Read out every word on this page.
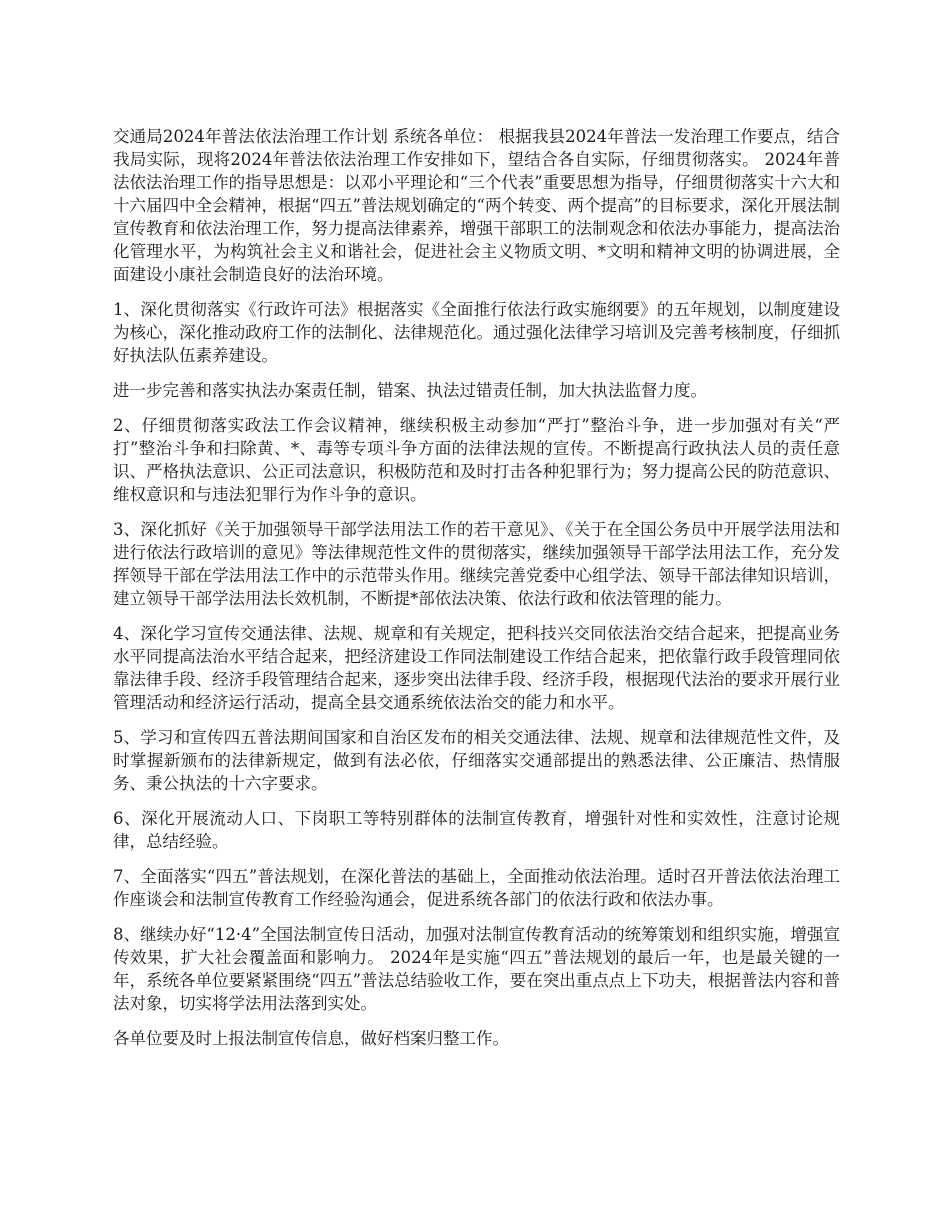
交通局2024年普法依法治理工作计划 系统各单位： 根据我县2024年普法一发治理工作要点，结合我局实际，现将2024年普法依法治理工作安排如下，望结合各自实际，仔细贯彻落实。 2024年普法依法治理工作的指导思想是：以邓小平理论和“三个代表”重要思想为指导，仔细贯彻落实十六大和十六届四中全会精神，根据“四五”普法规划确定的“两个转变、两个提高”的目标要求，深化开展法制宣传教育和依法治理工作，努力提高法律素养，增强干部职工的法制观念和依法办事能力，提高法治化管理水平，为构筑社会主义和谐社会，促进社会主义物质文明、*文明和精神文明的协调进展，全面建设小康社会制造良好的法治环境。

1、深化贯彻落实《行政许可法》根据落实《全面推行依法行政实施纲要》的五年规划，以制度建设为核心，深化推动政府工作的法制化、法律规范化。通过强化法律学习培训及完善考核制度，仔细抓好执法队伍素养建设。

进一步完善和落实执法办案责任制，错案、执法过错责任制，加大执法监督力度。

2、仔细贯彻落实政法工作会议精神，继续积极主动参加“严打”整治斗争，进一步加强对有关“严打”整治斗争和扫除黄、*、毒等专项斗争方面的法律法规的宣传。不断提高行政执法人员的责任意识、严格执法意识、公正司法意识，积极防范和及时打击各种犯罪行为；努力提高公民的防范意识、维权意识和与违法犯罪行为作斗争的意识。

3、深化抓好《关于加强领导干部学法用法工作的若干意见》、《关于在全国公务员中开展学法用法和进行依法行政培训的意见》等法律规范性文件的贯彻落实，继续加强领导干部学法用法工作，充分发挥领导干部在学法用法工作中的示范带头作用。继续完善党委中心组学法、领导干部法律知识培训，建立领导干部学法用法长效机制，不断提*部依法决策、依法行政和依法管理的能力。

4、深化学习宣传交通法律、法规、规章和有关规定，把科技兴交同依法治交结合起来，把提高业务水平同提高法治水平结合起来，把经济建设工作同法制建设工作结合起来，把依靠行政手段管理同依靠法律手段、经济手段管理结合起来，逐步突出法律手段、经济手段，根据现代法治的要求开展行业管理活动和经济运行活动，提高全县交通系统依法治交的能力和水平。

5、学习和宣传四五普法期间国家和自治区发布的相关交通法律、法规、规章和法律规范性文件，及时掌握新颁布的法律新规定，做到有法必依，仔细落实交通部提出的熟悉法律、公正廉洁、热情服务、秉公执法的十六字要求。

6、深化开展流动人口、下岗职工等特别群体的法制宣传教育，增强针对性和实效性，注意讨论规律，总结经验。

7、全面落实“四五”普法规划，在深化普法的基础上，全面推动依法治理。适时召开普法依法治理工作座谈会和法制宣传教育工作经验沟通会，促进系统各部门的依法行政和依法办事。

8、继续办好“12·4”全国法制宣传日活动，加强对法制宣传教育活动的统筹策划和组织实施，增强宣传效果，扩大社会覆盖面和影响力。 2024年是实施“四五”普法规划的最后一年，也是最关键的一年，系统各单位要紧紧围绕“四五”普法总结验收工作，要在突出重点点上下功夫，根据普法内容和普法对象，切实将学法用法落到实处。

各单位要及时上报法制宣传信息，做好档案归整工作。
